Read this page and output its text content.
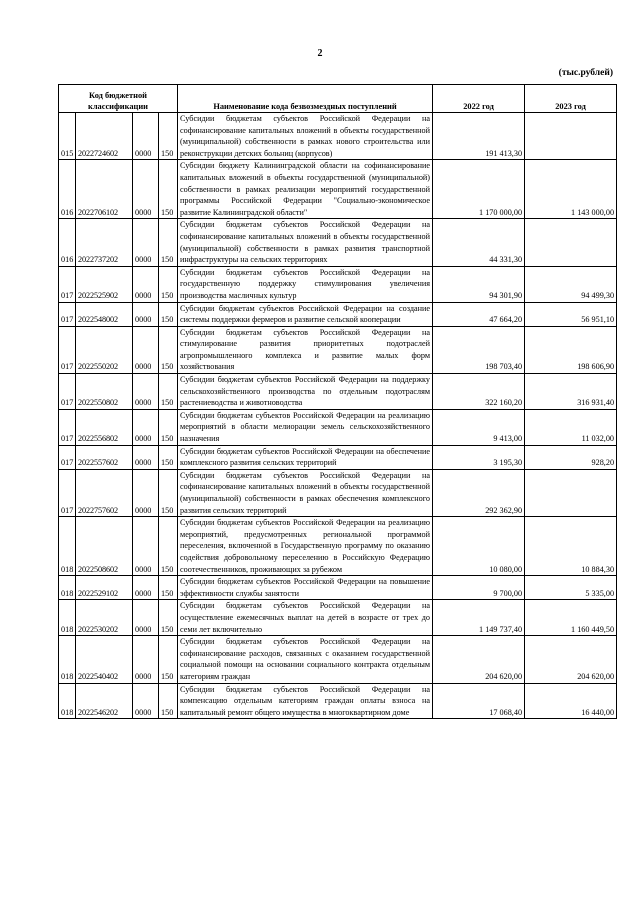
2
(тыс.рублей)
Код бюджетной классификации				Наименование кода безвозмездных поступлений	2022 год	2023 год
015	2022724602	0000	150	Субсидии бюджетам субъектов Российской Федерации на софинансирование капитальных вложений в объекты государственной (муниципальной) собственности в рамках нового строительства или реконструкции детских больниц (корпусов)	191 413,30	
016	2022706102	0000	150	Субсидии бюджету Калининградской области на софинансирование капитальных вложений в объекты государственной (муниципальной) собственности в рамках реализации мероприятий государственной программы Российской Федерации "Социально-экономическое развитие Калининградской области"	1 170 000,00	1 143 000,00
016	2022737202	0000	150	Субсидии бюджетам субъектов Российской Федерации на софинансирование капитальных вложений в объекты государственной (муниципальной) собственности в рамках развития транспортной инфраструктуры на сельских территориях	44 331,30	
017	2022525902	0000	150	Субсидии бюджетам субъектов Российской Федерации на государственную поддержку стимулирования увеличения производства масличных культур	94 301,90	94 499,30
017	2022548002	0000	150	Субсидии бюджетам субъектов Российской Федерации на создание системы поддержки фермеров и развитие сельской кооперации	47 664,20	56 951,10
017	2022550202	0000	150	Субсидии бюджетам субъектов Российской Федерации на стимулирование развития приоритетных подотраслей агропромышленного комплекса и развитие малых форм хозяйствования	198 703,40	198 606,90
017	2022550802	0000	150	Субсидии бюджетам субъектов Российской Федерации на поддержку сельскохозяйственного производства по отдельным подотраслям растениеводства и животноводства	322 160,20	316 931,40
017	2022556802	0000	150	Субсидии бюджетам субъектов Российской Федерации на реализацию мероприятий в области мелиорации земель сельскохозяйственного назначения	9 413,00	11 032,00
017	2022557602	0000	150	Субсидии бюджетам субъектов Российской Федерации на обеспечение комплексного развития сельских территорий	3 195,30	928,20
017	2022757602	0000	150	Субсидии бюджетам субъектов Российской Федерации на софинансирование капитальных вложений в объекты государственной (муниципальной) собственности в рамках обеспечения комплексного развития сельских территорий	292 362,90	
018	2022508602	0000	150	Субсидии бюджетам субъектов Российской Федерации на реализацию мероприятий, предусмотренных региональной программой переселения, включенной в Государственную программу по оказанию содействия добровольному переселению в Российскую Федерацию соотечественников, проживающих за рубежом	10 080,00	10 884,30
018	2022529102	0000	150	Субсидии бюджетам субъектов Российской Федерации на повышение эффективности службы занятости	9 700,00	5 335,00
018	2022530202	0000	150	Субсидии бюджетам субъектов Российской Федерации на осуществление ежемесячных выплат на детей в возрасте от трех до семи лет включительно	1 149 737,40	1 160 449,50
018	2022540402	0000	150	Субсидии бюджетам субъектов Российской Федерации на софинансирование расходов, связанных с оказанием государственной социальной помощи на основании социального контракта отдельным категориям граждан	204 620,00	204 620,00
018	2022546202	0000	150	Субсидии бюджетам субъектов Российской Федерации на компенсацию отдельным категориям граждан оплаты взноса на капитальный ремонт общего имущества в многоквартирном доме	17 068,40	16 440,00
